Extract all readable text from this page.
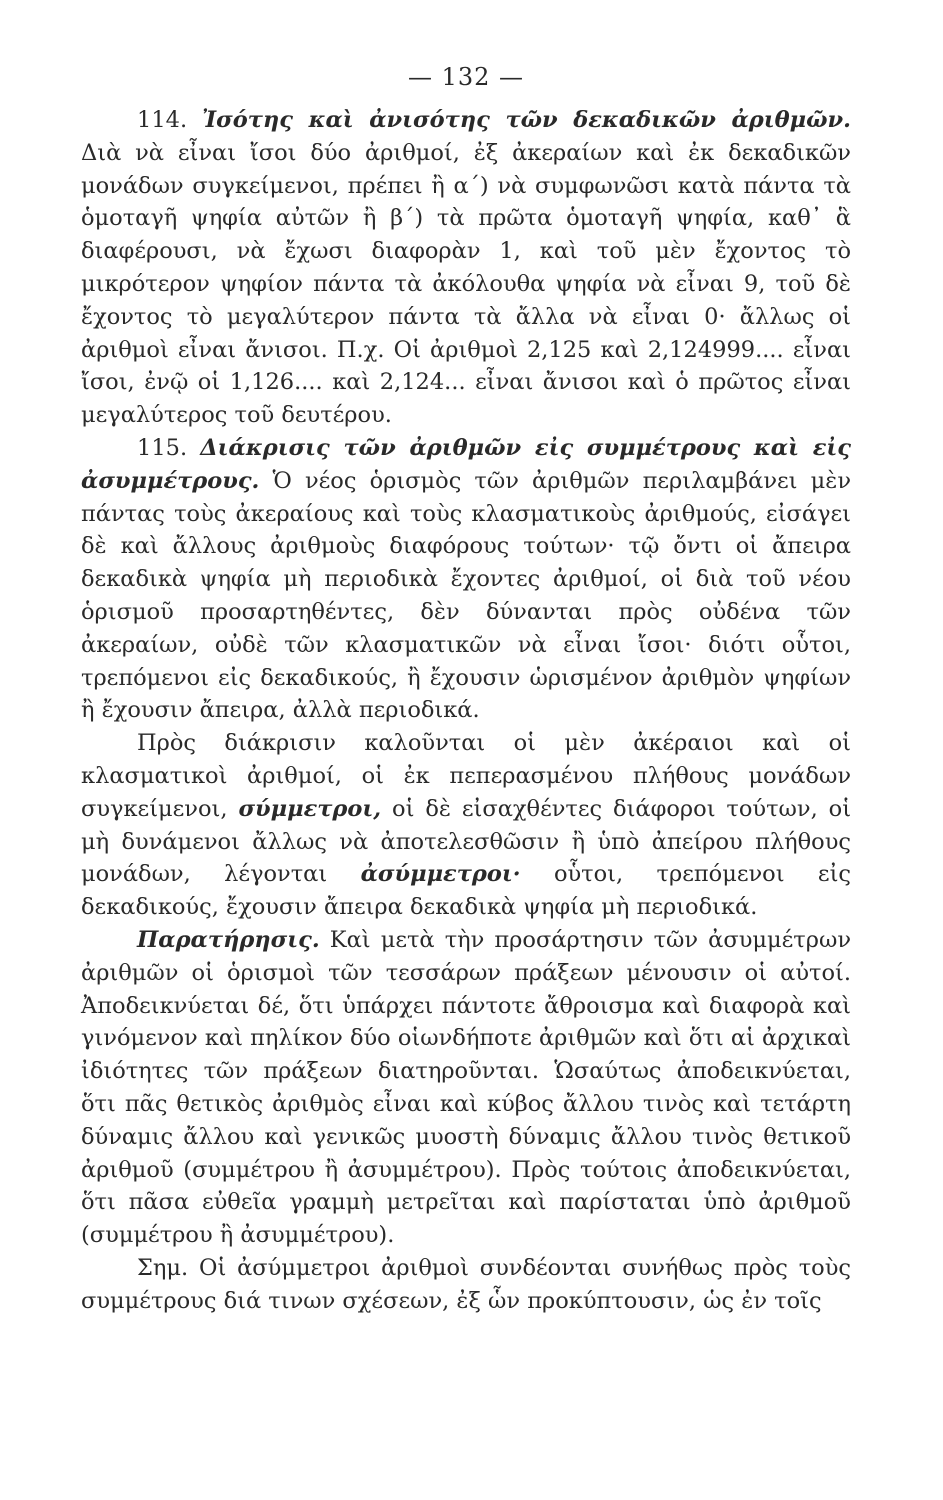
— 132 —

114. Ἰσότης καὶ ἀνισότης τῶν δεκαδικῶν ἀριθμῶν. Διὰ νὰ εἶναι ἴσοι δύο ἀριθμοί, ἐξ ἀκεραίων καὶ ἐκ δεκαδικῶν μονάδων συγκείμενοι, πρέπει ἢ α΄) νὰ συμφωνῶσι κατὰ πάντα τὰ ὁμοταγῆ ψηφία αὐτῶν ἢ β΄) τὰ πρῶτα ὁμοταγῆ ψηφία, καθ᾽ ἃ διαφέρουσι, νὰ ἔχωσι διαφορὰν 1, καὶ τοῦ μὲν ἔχοντος τὸ μικρότερον ψηφίον πάντα τὰ ἀκόλουθα ψηφία νὰ εἶναι 9, τοῦ δὲ ἔχοντος τὸ μεγαλύτερον πάντα τὰ ἄλλα νὰ εἶναι 0· ἄλλως οἱ ἀριθμοὶ εἶναι ἄνισοι. Π.χ. Οἱ ἀριθμοὶ 2,125 καὶ 2,124999.... εἶναι ἴσοι, ἐνῷ οἱ 1,126.... καὶ 2,124... εἶναι ἄνισοι καὶ ὁ πρῶτος εἶναι μεγαλύτερος τοῦ δευτέρου.

115. Διάκρισις τῶν ἀριθμῶν εἰς συμμέτρους καὶ εἰς ἀσυμμέτρους. Ὁ νέος ὁρισμὸς τῶν ἀριθμῶν περιλαμβάνει μὲν πάντας τοὺς ἀκεραίους καὶ τοὺς κλασματικοὺς ἀριθμούς, εἰσάγει δὲ καὶ ἄλλους ἀριθμοὺς διαφόρους τούτων· τῷ ὄντι οἱ ἄπειρα δεκαδικὰ ψηφία μὴ περιοδικὰ ἔχοντες ἀριθμοί, οἱ διὰ τοῦ νέου ὁρισμοῦ προσαρτηθέντες, δὲν δύνανται πρὸς οὐδένα τῶν ἀκεραίων, οὐδὲ τῶν κλασματικῶν νὰ εἶναι ἴσοι· διότι οὗτοι, τρεπόμενοι εἰς δεκαδικούς, ἢ ἔχουσιν ὡρισμένον ἀριθμὸν ψηφίων ἢ ἔχουσιν ἄπειρα, ἀλλὰ περιοδικά.

Πρὸς διάκρισιν καλοῦνται οἱ μὲν ἀκέραιοι καὶ οἱ κλασματικοὶ ἀριθμοί, οἱ ἐκ πεπερασμένου πλήθους μονάδων συγκείμενοι, σύμμετροι, οἱ δὲ εἰσαχθέντες διάφοροι τούτων, οἱ μὴ δυνάμενοι ἄλλως νὰ ἀποτελεσθῶσιν ἢ ὑπὸ ἀπείρου πλήθους μονάδων, λέγονται ἀσύμμετροι· οὗτοι, τρεπόμενοι εἰς δεκαδικούς, ἔχουσιν ἄπειρα δεκαδικὰ ψηφία μὴ περιοδικά.

Παρατήρησις. Καὶ μετὰ τὴν προσάρτησιν τῶν ἀσυμμέτρων ἀριθμῶν οἱ ὁρισμοὶ τῶν τεσσάρων πράξεων μένουσιν οἱ αὐτοί. Ἀποδεικνύεται δέ, ὅτι ὑπάρχει πάντοτε ἄθροισμα καὶ διαφορὰ καὶ γινόμενον καὶ πηλίκον δύο οἱωνδήποτε ἀριθμῶν καὶ ὅτι αἱ ἀρχικαὶ ἰδιότητες τῶν πράξεων διατηροῦνται. Ὡσαύτως ἀποδεικνύεται, ὅτι πᾶς θετικὸς ἀριθμὸς εἶναι καὶ κύβος ἄλλου τινὸς καὶ τετάρτη δύναμις ἄλλου καὶ γενικῶς μυοστὴ δύναμις ἄλλου τινὸς θετικοῦ ἀριθμοῦ (συμμέτρου ἢ ἀσυμμέτρου). Πρὸς τούτοις ἀποδεικνύεται, ὅτι πᾶσα εὐθεῖα γραμμὴ μετρεῖται καὶ παρίσταται ὑπὸ ἀριθμοῦ (συμμέτρου ἢ ἀσυμμέτρου).

Σημ. Οἱ ἀσύμμετροι ἀριθμοὶ συνδέονται συνήθως πρὸς τοὺς συμμέτρους διά τινων σχέσεων, ἐξ ὧν προκύπτουσιν, ὡς ἐν τοῖς
